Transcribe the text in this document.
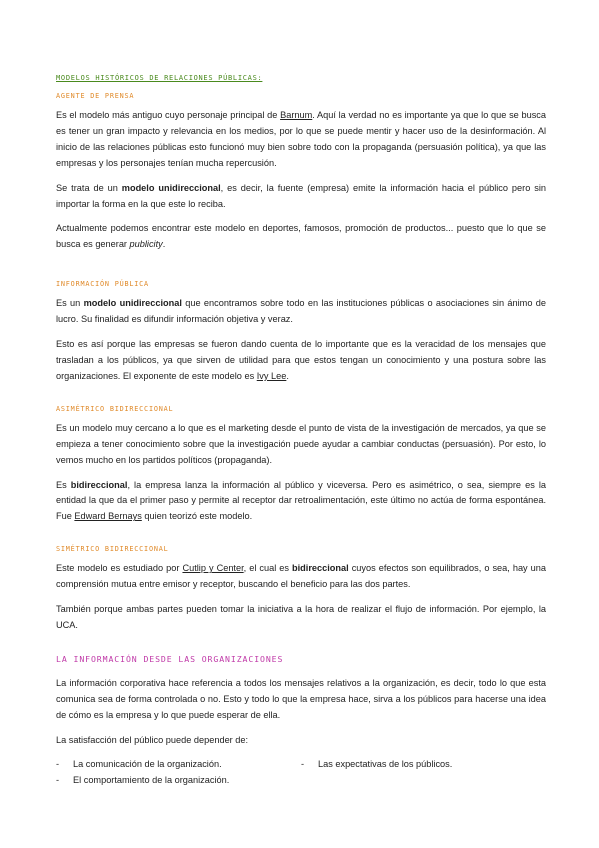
MODELOS HISTÓRICOS DE RELACIONES PÚBLICAS:
AGENTE DE PRENSA

Es el modelo más antiguo cuyo personaje principal de Barnum. Aquí la verdad no es importante ya que lo que se busca es tener un gran impacto y relevancia en los medios, por lo que se puede mentir y hacer uso de la desinformación. Al inicio de las relaciones públicas esto funcionó muy bien sobre todo con la propaganda (persuasión política), ya que las empresas y los personajes tenían mucha repercusión.

Se trata de un modelo unidireccional, es decir, la fuente (empresa) emite la información hacia el público pero sin importar la forma en la que este lo reciba.

Actualmente podemos encontrar este modelo en deportes, famosos, promoción de productos... puesto que lo que se busca es generar publicity.

INFORMACIÓN PÚBLICA

Es un modelo unidireccional que encontramos sobre todo en las instituciones públicas o asociaciones sin ánimo de lucro. Su finalidad es difundir información objetiva y veraz.

Esto es así porque las empresas se fueron dando cuenta de lo importante que es la veracidad de los mensajes que trasladan a los públicos, ya que sirven de utilidad para que estos tengan un conocimiento y una postura sobre las organizaciones. El exponente de este modelo es Ivy Lee.

ASIMÉTRICO BIDIRECCIONAL

Es un modelo muy cercano a lo que es el marketing desde el punto de vista de la investigación de mercados, ya que se empieza a tener conocimiento sobre que la investigación puede ayudar a cambiar conductas (persuasión). Por esto, lo vemos mucho en los partidos políticos (propaganda).

Es bidireccional, la empresa lanza la información al público y viceversa. Pero es asimétrico, o sea, siempre es la entidad la que da el primer paso y permite al receptor dar retroalimentación, este último no actúa de forma espontánea. Fue Edward Bernays quien teorizó este modelo.

SIMÉTRICO BIDIRECCIONAL

Este modelo es estudiado por Cutlip y Center, el cual es bidireccional cuyos efectos son equilibrados, o sea, hay una comprensión mutua entre emisor y receptor, buscando el beneficio para las dos partes.

También porque ambas partes pueden tomar la iniciativa a la hora de realizar el flujo de información. Por ejemplo, la UCA.

LA INFORMACIÓN DESDE LAS ORGANIZACIONES

La información corporativa hace referencia a todos los mensajes relativos a la organización, es decir, todo lo que esta comunica sea de forma controlada o no. Esto y todo lo que la empresa hace, sirva a los públicos para hacerse una idea de cómo es la empresa y lo que puede esperar de ella.

La satisfacción del público puede depender de:

-	La comunicación de la organización.
-	El comportamiento de la organización.
-	Las expectativas de los públicos.
